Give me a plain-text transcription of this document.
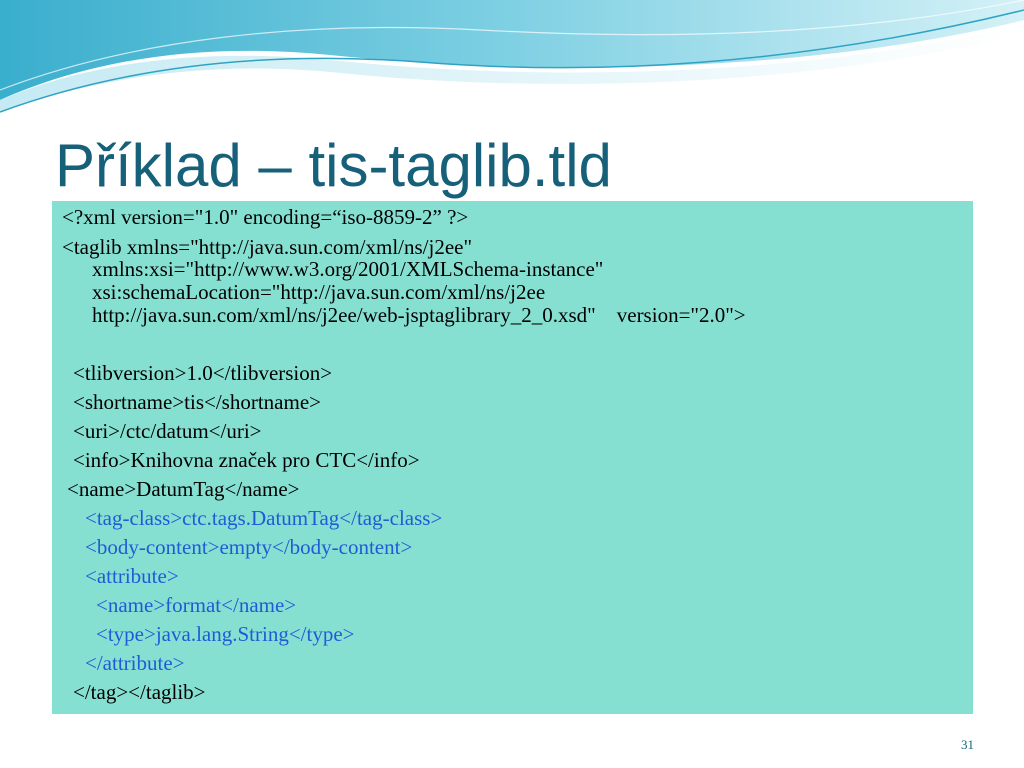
Příklad – tis-taglib.tld
<?xml version="1.0" encoding=“iso-8859-2” ?>
<taglib xmlns="http://java.sun.com/xml/ns/j2ee"
xmlns:xsi="http://www.w3.org/2001/XMLSchema-instance"
xsi:schemaLocation="http://java.sun.com/xml/ns/j2ee
http://java.sun.com/xml/ns/j2ee/web-jsptaglibrary_2_0.xsd"    version="2.0">
<tlibversion>1.0</tlibversion>
<shortname>tis</shortname>
<uri>/ctc/datum</uri>
<info>Knihovna značek pro CTC</info>
<name>DatumTag</name>
<tag-class>ctc.tags.DatumTag</tag-class>
<body-content>empty</body-content>
<attribute>
<name>format</name>
<type>java.lang.String</type>
</attribute>
</tag></taglib>
31
